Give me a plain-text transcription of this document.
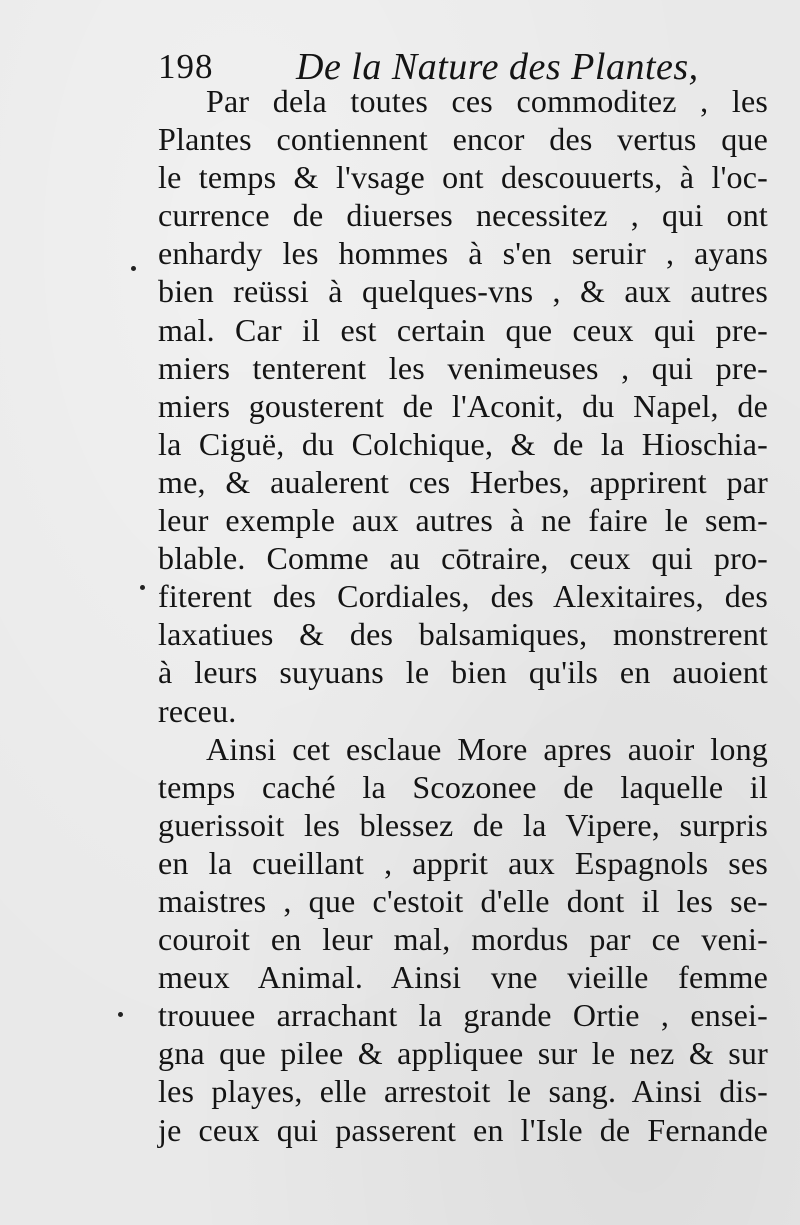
198 De la Nature des Plantes,
Par dela toutes ces commoditez , les
Plantes contiennent encor des vertus que
le temps & l'vsage ont descouuerts, à l'oc-
currence de diuerses necessitez , qui ont
enhardy les hommes à s'en seruir , ayans
bien reüssi à quelques-vns , & aux autres
mal. Car il est certain que ceux qui pre-
miers tenterent les venimeuses , qui pre-
miers gousterent de l'Aconit, du Napel, de
la Ciguë, du Colchique, & de la Hioschia-
me, & aualerent ces Herbes, apprirent par
leur exemple aux autres à ne faire le sem-
blable. Comme au cōtraire, ceux qui pro-
fiterent des Cordiales, des Alexitaires, des
laxatiues & des balsamiques, monstrerent
à leurs suyuans le bien qu'ils en auoient
receu.
Ainsi cet esclaue More apres auoir long
temps caché la Scozonee de laquelle il
guerissoit les blessez de la Vipere, surpris
en la cueillant , apprit aux Espagnols ses
maistres , que c'estoit d'elle dont il les se-
couroit en leur mal, mordus par ce veni-
meux Animal. Ainsi vne vieille femme
trouuee arrachant la grande Ortie , ensei-
gna que pilee & appliquee sur le nez & sur
les playes, elle arrestoit le sang. Ainsi dis-
je ceux qui passerent en l'Isle de Fernande
